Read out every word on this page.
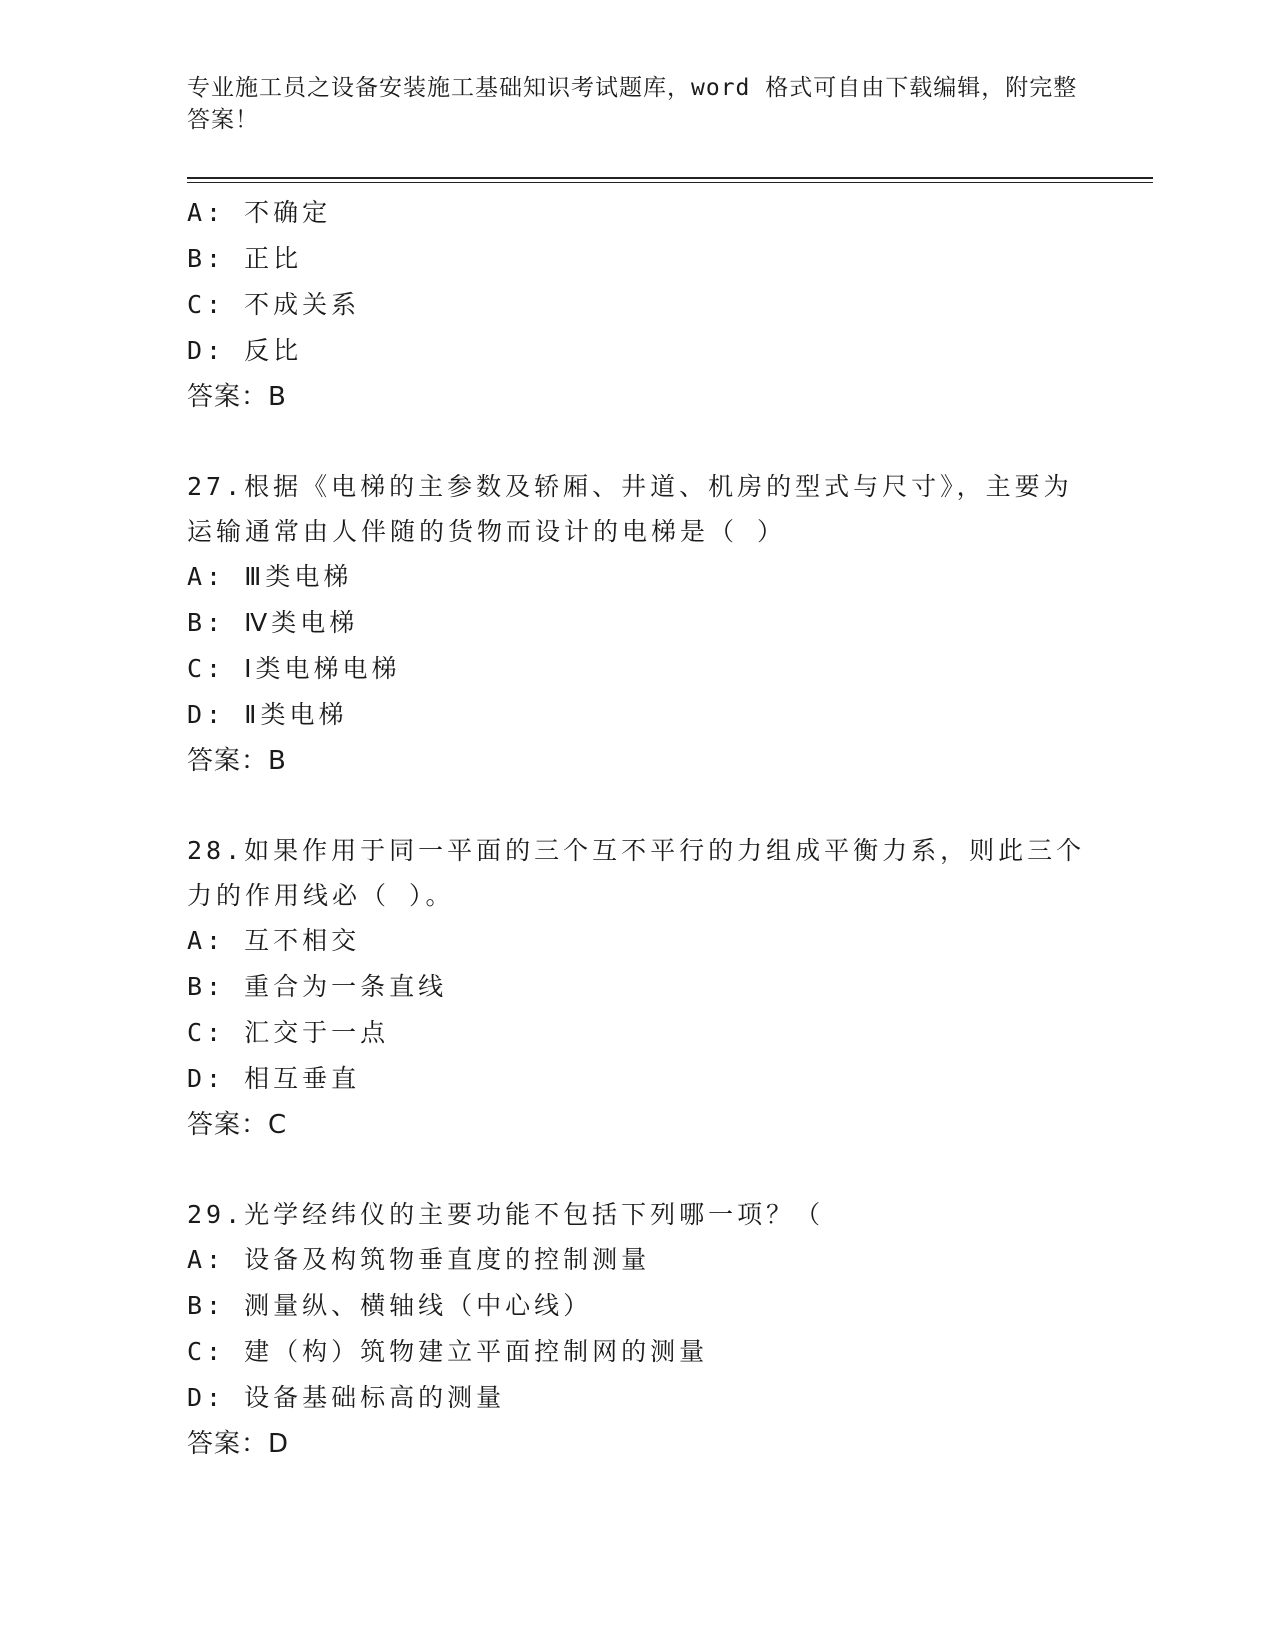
专业施工员之设备安装施工基础知识考试题库，word 格式可自由下载编辑，附完整答案！
A: 不确定
B: 正比
C: 不成关系
D: 反比
答案：B
27.根据《电梯的主参数及轿厢、井道、机房的型式与尺寸》，主要为运输通常由人伴随的货物而设计的电梯是（ ）
A: Ⅲ类电梯
B: Ⅳ类电梯
C: Ⅰ类电梯电梯
D: Ⅱ类电梯
答案：B
28.如果作用于同一平面的三个互不平行的力组成平衡力系，则此三个力的作用线必（ ）。
A: 互不相交
B: 重合为一条直线
C: 汇交于一点
D: 相互垂直
答案：C
29.光学经纬仪的主要功能不包括下列哪一项？（
A: 设备及构筑物垂直度的控制测量
B: 测量纵、横轴线（中心线）
C: 建（构）筑物建立平面控制网的测量
D: 设备基础标高的测量
答案：D
